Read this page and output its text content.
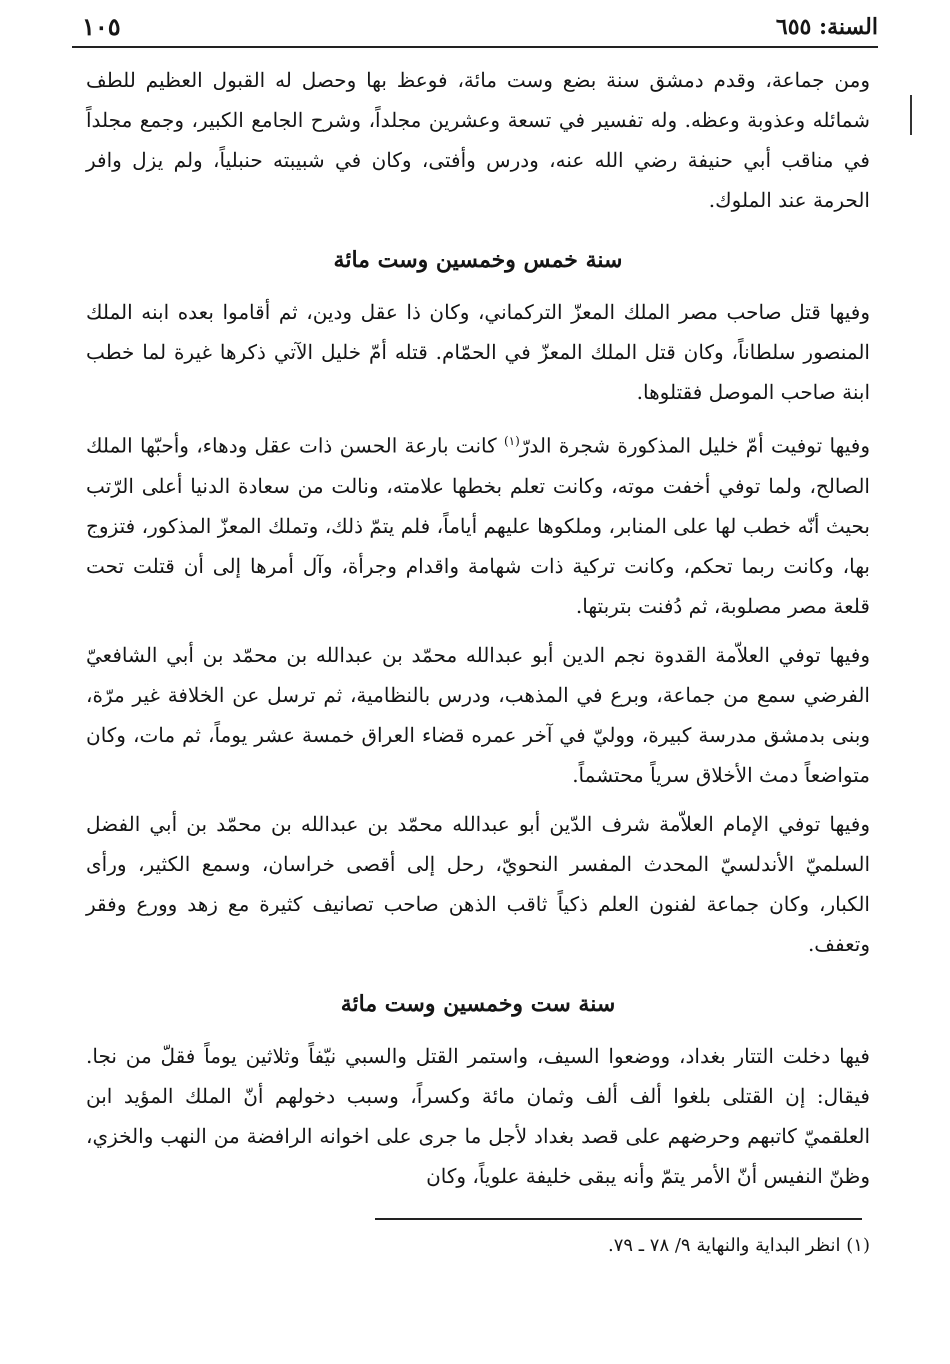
السنة: ٦٥٥
١٠٥

ومن جماعة، وقدم دمشق سنة بضع وست مائة، فوعظ بها وحصل له القبول العظيم للطف شمائله وعذوبة وعظه. وله تفسير في تسعة وعشرين مجلداً، وشرح الجامع الكبير، وجمع مجلداً في مناقب أبي حنيفة رضي الله عنه، ودرس وأفتى، وكان في شبيبته حنبلياً، ولم يزل وافر الحرمة عند الملوك.

سنة خمس وخمسين وست مائة

وفيها قتل صاحب مصر الملك المعزّ التركماني، وكان ذا عقل ودين، ثم أقاموا بعده ابنه الملك المنصور سلطاناً، وكان قتل الملك المعزّ في الحمّام. قتله أمّ خليل الآتي ذكرها غيرة لما خطب ابنة صاحب الموصل فقتلوها.

وفيها توفيت أمّ خليل المذكورة شجرة الدرّ$^{(١)}$ كانت بارعة الحسن ذات عقل ودهاء، وأحبّها الملك الصالح، ولما توفي أخفت موته، وكانت تعلم بخطها علامته، ونالت من سعادة الدنيا أعلى الرّتب بحيث أنّه خطب لها على المنابر، وملكوها عليهم أياماً، فلم يتمّ ذلك، وتملك المعزّ المذكور، فتزوج بها، وكانت ربما تحكم، وكانت تركية ذات شهامة واقدام وجرأة، وآل أمرها إلى أن قتلت تحت قلعة مصر مصلوبة، ثم دُفنت بتربتها.

وفيها توفي العلاّمة القدوة نجم الدين أبو عبدالله محمّد بن عبدالله بن محمّد بن أبي الشافعيّ الفرضي سمع من جماعة، وبرع في المذهب، ودرس بالنظامية، ثم ترسل عن الخلافة غير مرّة، وبنى بدمشق مدرسة كبيرة، ووليّ في آخر عمره قضاء العراق خمسة عشر يوماً، ثم مات، وكان متواضعاً دمث الأخلاق سرياً محتشماً.

وفيها توفي الإمام العلاّمة شرف الدّين أبو عبدالله محمّد بن عبدالله بن محمّد بن أبي الفضل السلميّ الأندلسيّ المحدث المفسر النحويّ، رحل إلى أقصى خراسان، وسمع الكثير، ورأى الكبار، وكان جماعة لفنون العلم ذكياً ثاقب الذهن صاحب تصانيف كثيرة مع زهد وورع وفقر وتعفف.

سنة ست وخمسين وست مائة

فيها دخلت التتار بغداد، ووضعوا السيف، واستمر القتل والسبي نيّفاً وثلاثين يوماً فقلّ من نجا. فيقال: إن القتلى بلغوا ألف ألف وثمان مائة وكسراً، وسبب دخولهم أنّ الملك المؤيد ابن العلقميّ كاتبهم وحرضهم على قصد بغداد لأجل ما جرى على اخوانه الرافضة من النهب والخزي، وظنّ النفيس أنّ الأمر يتمّ وأنه يبقى خليفة علوياً، وكان

(١) انظر البداية والنهاية ٩/ ٧٨ ـ ٧٩.
